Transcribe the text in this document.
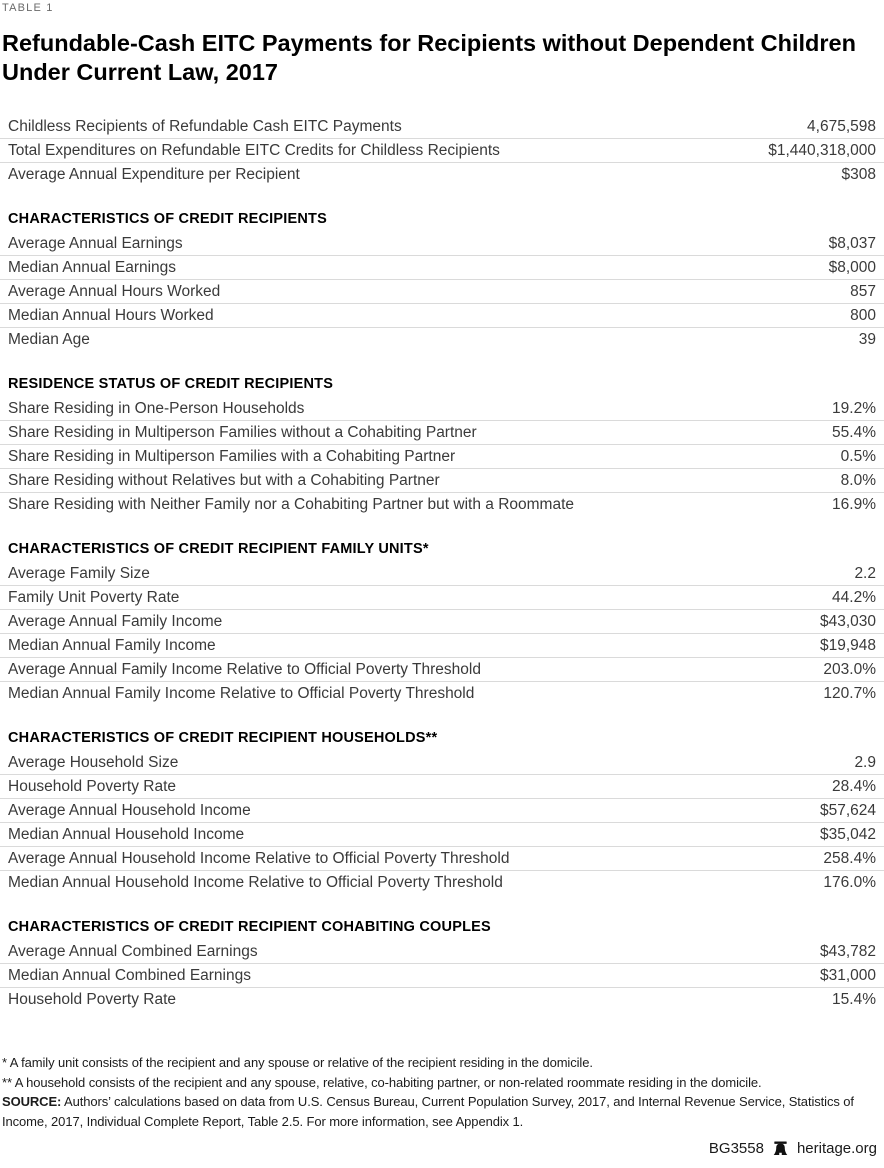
TABLE 1
Refundable-Cash EITC Payments for Recipients without Dependent Children
Under Current Law, 2017
Childless Recipients of Refundable Cash EITC Payments	4,675,598
Total Expenditures on Refundable EITC Credits for Childless Recipients	$1,440,318,000
Average Annual Expenditure per Recipient	$308
CHARACTERISTICS OF CREDIT RECIPIENTS
Average Annual Earnings	$8,037
Median Annual Earnings	$8,000
Average Annual Hours Worked	857
Median Annual Hours Worked	800
Median Age	39
RESIDENCE STATUS OF CREDIT RECIPIENTS
Share Residing in One-Person Households	19.2%
Share Residing in Multiperson Families without a Cohabiting Partner	55.4%
Share Residing in Multiperson Families with a Cohabiting Partner	0.5%
Share Residing without Relatives but with a Cohabiting Partner	8.0%
Share Residing with Neither Family nor a Cohabiting Partner but with a Roommate	16.9%
CHARACTERISTICS OF CREDIT RECIPIENT FAMILY UNITS*
Average Family Size	2.2
Family Unit Poverty Rate	44.2%
Average Annual Family Income	$43,030
Median Annual Family Income	$19,948
Average Annual Family Income Relative to Official Poverty Threshold	203.0%
Median Annual Family Income Relative to Official Poverty Threshold	120.7%
CHARACTERISTICS OF CREDIT RECIPIENT HOUSEHOLDS**
Average Household Size	2.9
Household Poverty Rate	28.4%
Average Annual Household Income	$57,624
Median Annual Household Income	$35,042
Average Annual Household Income Relative to Official Poverty Threshold	258.4%
Median Annual Household Income Relative to Official Poverty Threshold	176.0%
CHARACTERISTICS OF CREDIT RECIPIENT COHABITING COUPLES
Average Annual Combined Earnings	$43,782
Median Annual Combined Earnings	$31,000
Household Poverty Rate	15.4%
* A family unit consists of the recipient and any spouse or relative of the recipient residing in the domicile.
** A household consists of the recipient and any spouse, relative, co-habiting partner, or non-related roommate residing in the domicile.
SOURCE: Authors’ calculations based on data from U.S. Census Bureau, Current Population Survey, 2017, and Internal Revenue Service, Statistics of Income, 2017, Individual Complete Report, Table 2.5. For more information, see Appendix 1.
BG3558 heritage.org
